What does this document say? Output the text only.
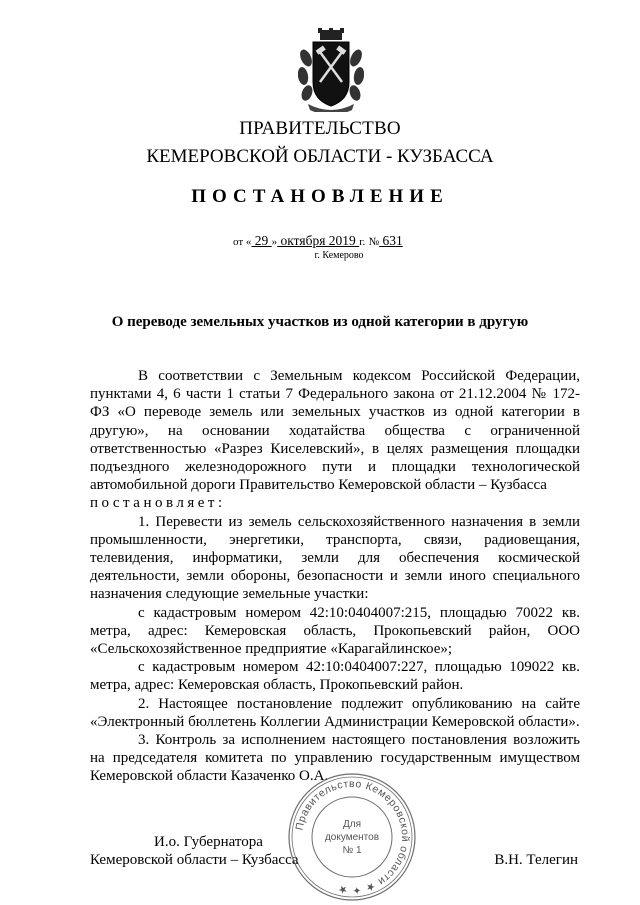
ПРАВИТЕЛЬСТВО
КЕМЕРОВСКОЙ ОБЛАСТИ - КУЗБАССА
ПОСТАНОВЛЕНИЕ
от « 29 » октября 2019 г. № 631
г. Кемерово
О переводе земельных участков из одной категории в другую

В соответствии с Земельным кодексом Российской Федерации, пунктами 4, 6 части 1 статьи 7 Федерального закона от 21.12.2004 № 172-ФЗ «О переводе земель или земельных участков из одной категории в другую», на основании ходатайства общества с ограниченной ответственностью «Разрез Киселевский», в целях размещения площадки подъездного железнодорожного пути и площадки технологической автомобильной дороги Правительство Кемеровской области – Кузбасса

постановляет:

1. Перевести из земель сельскохозяйственного назначения в земли промышленности, энергетики, транспорта, связи, радиовещания, телевидения, информатики, земли для обеспечения космической деятельности, земли обороны, безопасности и земли иного специального назначения следующие земельные участки:

с кадастровым номером 42:10:0404007:215, площадью 70022 кв. метра, адрес: Кемеровская область, Прокопьевский район, ООО «Сельскохозяйственное предприятие «Карагайлинское»;

с кадастровым номером 42:10:0404007:227, площадью 109022 кв. метра, адрес: Кемеровская область, Прокопьевский район.

2. Настоящее постановление подлежит опубликованию на сайте «Электронный бюллетень Коллегии Администрации Кемеровской области».

3. Контроль за исполнением настоящего постановления возложить на председателя комитета по управлению государственным имуществом Кемеровской области Казаченко О.А.

И.о. Губернатора
Кемеровской области – Кузбасса	В.Н. Телегин
Правительство Кемеровской области ★ ✦ ★
Для
документов
№ 1
